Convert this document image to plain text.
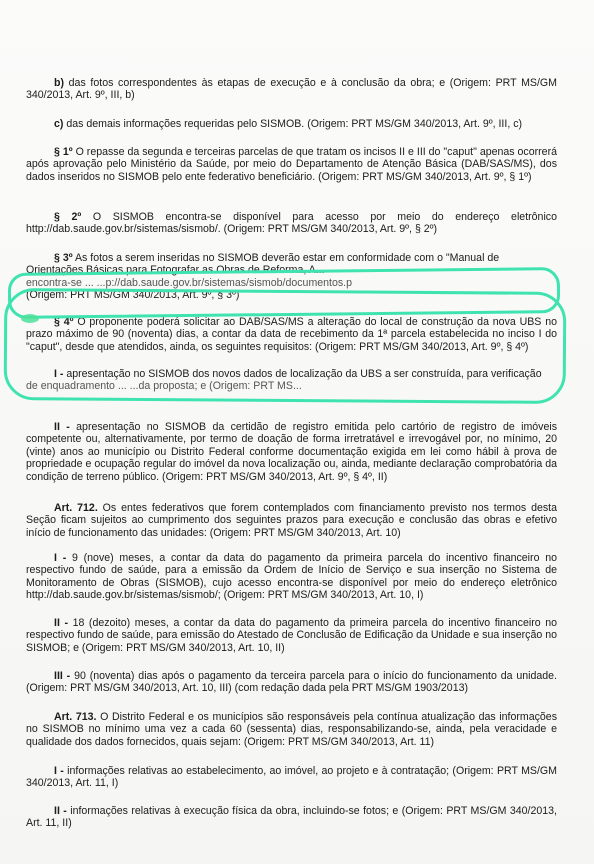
b) das fotos correspondentes às etapas de execução e à conclusão da obra; e (Origem: PRT MS/GM 340/2013, Art. 9º, III, b)

c) das demais informações requeridas pelo SISMOB. (Origem: PRT MS/GM 340/2013, Art. 9º, III, c)

§ 1º O repasse da segunda e terceiras parcelas de que tratam os incisos II e III do "caput" apenas ocorrerá após aprovação pelo Ministério da Saúde, por meio do Departamento de Atenção Básica (DAB/SAS/MS), dos dados inseridos no SISMOB pelo ente federativo beneficiário. (Origem: PRT MS/GM 340/2013, Art. 9º, § 1º)

§ 2º O SISMOB encontra-se disponível para acesso por meio do endereço eletrônico http://dab.saude.gov.br/sistemas/sismob/. (Origem: PRT MS/GM 340/2013, Art. 9º, § 2º)

§ 3º As fotos a serem inseridas no SISMOB deverão estar em conformidade com o "Manual de
Orientações Básicas para Fotografar as Obras de Reforma, A...
encontra-se ... ...p://dab.saude.gov.br/sistemas/sismob/documentos.p
(Origem: PRT MS/GM 340/2013, Art. 9º, § 3º)

§ 4º O proponente poderá solicitar ao DAB/SAS/MS a alteração do local de construção da nova UBS no prazo máximo de 90 (noventa) dias, a contar da data de recebimento da 1ª parcela estabelecida no inciso I do "caput", desde que atendidos, ainda, os seguintes requisitos: (Origem: PRT MS/GM 340/2013, Art. 9º, § 4º)

I - apresentação no SISMOB dos novos dados de localização da UBS a ser construída, para verificação
de enquadramento ... ...da proposta; e (Origem: PRT MS...

II - apresentação no SISMOB da certidão de registro emitida pelo cartório de registro de imóveis competente ou, alternativamente, por termo de doação de forma irretratável e irrevogável por, no mínimo, 20 (vinte) anos ao município ou Distrito Federal conforme documentação exigida em lei como hábil à prova de propriedade e ocupação regular do imóvel da nova localização ou, ainda, mediante declaração comprobatória da condição de terreno público. (Origem: PRT MS/GM 340/2013, Art. 9º, § 4º, II)

Art. 712. Os entes federativos que forem contemplados com financiamento previsto nos termos desta Seção ficam sujeitos ao cumprimento dos seguintes prazos para execução e conclusão das obras e efetivo início de funcionamento das unidades: (Origem: PRT MS/GM 340/2013, Art. 10)

I - 9 (nove) meses, a contar da data do pagamento da primeira parcela do incentivo financeiro no respectivo fundo de saúde, para a emissão da Ordem de Início de Serviço e sua inserção no Sistema de Monitoramento de Obras (SISMOB), cujo acesso encontra-se disponível por meio do endereço eletrônico http://dab.saude.gov.br/sistemas/sismob/; (Origem: PRT MS/GM 340/2013, Art. 10, I)

II - 18 (dezoito) meses, a contar da data do pagamento da primeira parcela do incentivo financeiro no respectivo fundo de saúde, para emissão do Atestado de Conclusão de Edificação da Unidade e sua inserção no SISMOB; e (Origem: PRT MS/GM 340/2013, Art. 10, II)

III - 90 (noventa) dias após o pagamento da terceira parcela para o início do funcionamento da unidade. (Origem: PRT MS/GM 340/2013, Art. 10, III) (com redação dada pela PRT MS/GM 1903/2013)

Art. 713. O Distrito Federal e os municípios são responsáveis pela contínua atualização das informações no SISMOB no mínimo uma vez a cada 60 (sessenta) dias, responsabilizando-se, ainda, pela veracidade e qualidade dos dados fornecidos, quais sejam: (Origem: PRT MS/GM 340/2013, Art. 11)

I - informações relativas ao estabelecimento, ao imóvel, ao projeto e à contratação; (Origem: PRT MS/GM 340/2013, Art. 11, I)

II - informações relativas à execução física da obra, incluindo-se fotos; e (Origem: PRT MS/GM 340/2013, Art. 11, II)
